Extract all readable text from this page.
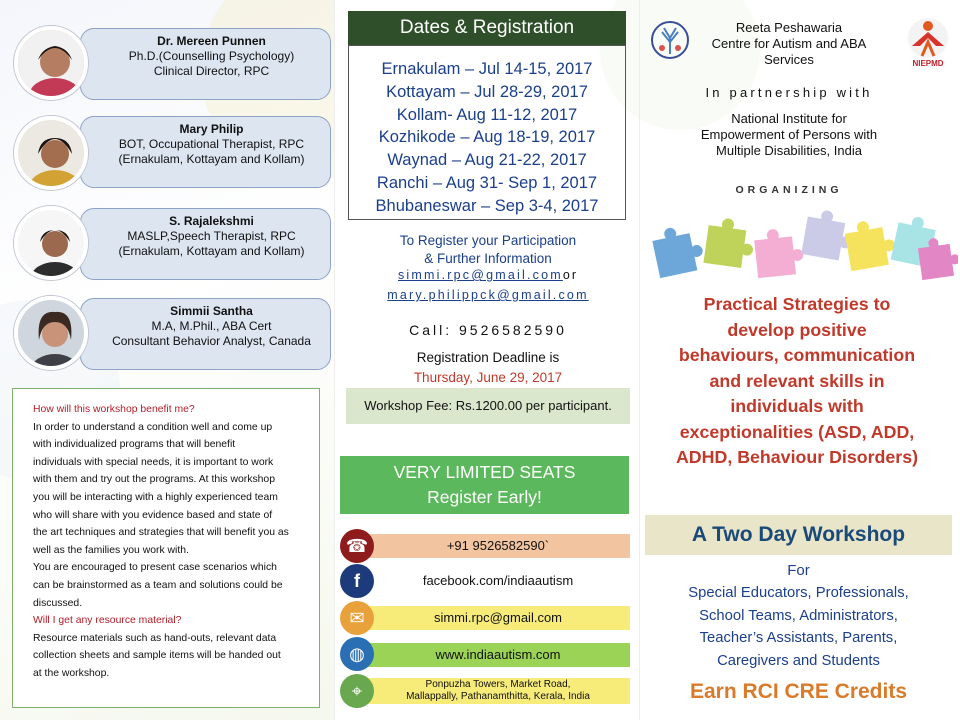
Dr. Mereen Punnen
Ph.D.(Counselling Psychology)
Clinical Director, RPC
Mary Philip
BOT, Occupational Therapist, RPC
(Ernakulam, Kottayam and Kollam)
S. Rajalekshmi
MASLP,Speech Therapist, RPC
(Ernakulam, Kottayam and Kollam)
Simmii Santha
M.A, M.Phil., ABA Cert
Consultant Behavior Analyst, Canada
How will this workshop benefit me?
In order to understand a condition well and come up
with individualized programs that will benefit
individuals with special needs, it is important to work
with them and try out the programs. At this workshop
you will be interacting with a highly experienced team
who will share with you evidence based and state of
the art techniques and strategies that will benefit you as
well as the families you work with.
You are encouraged to present case scenarios which
can be brainstormed as a team and solutions could be
discussed.
Will I get any resource material?
Resource materials such as hand-outs, relevant data
collection sheets and sample items will be handed out
at the workshop.
Dates & Registration
Ernakulam – Jul 14-15, 2017
Kottayam – Jul 28-29, 2017
Kollam- Aug 11-12, 2017
Kozhikode – Aug 18-19, 2017
Waynad – Aug 21-22, 2017
Ranchi – Aug 31- Sep 1, 2017
Bhubaneswar – Sep 3-4, 2017
To Register your Participation
& Further Information
simmi.rpc@gmail.comor
mary.philippck@gmail.com
Call: 9526582590
Registration Deadline is
Thursday, June 29, 2017
Workshop Fee: Rs.1200.00 per participant.
VERY LIMITED SEATS
Register Early!
+91 9526582590`
☎
facebook.com/indiaautism
f
simmi.rpc@gmail.com
✉
www.indiaautism.com
◍
Ponpuzha Towers, Market Road,
Mallappally, Pathanamthitta, Kerala, India
⌖
Reeta Peshawaria
Centre for Autism and ABA
Services	NIEPMD
In partnership with
National Institute for
Empowerment of Persons with
Multiple Disabilities, India
ORGANIZING
Practical Strategies to
develop positive
behaviours, communication
and relevant skills in
individuals with
exceptionalities (ASD, ADD,
ADHD, Behaviour Disorders)
A Two Day Workshop
For
Special Educators, Professionals,
School Teams, Administrators,
Teacher’s Assistants, Parents,
Caregivers and Students
Earn RCI CRE Credits
